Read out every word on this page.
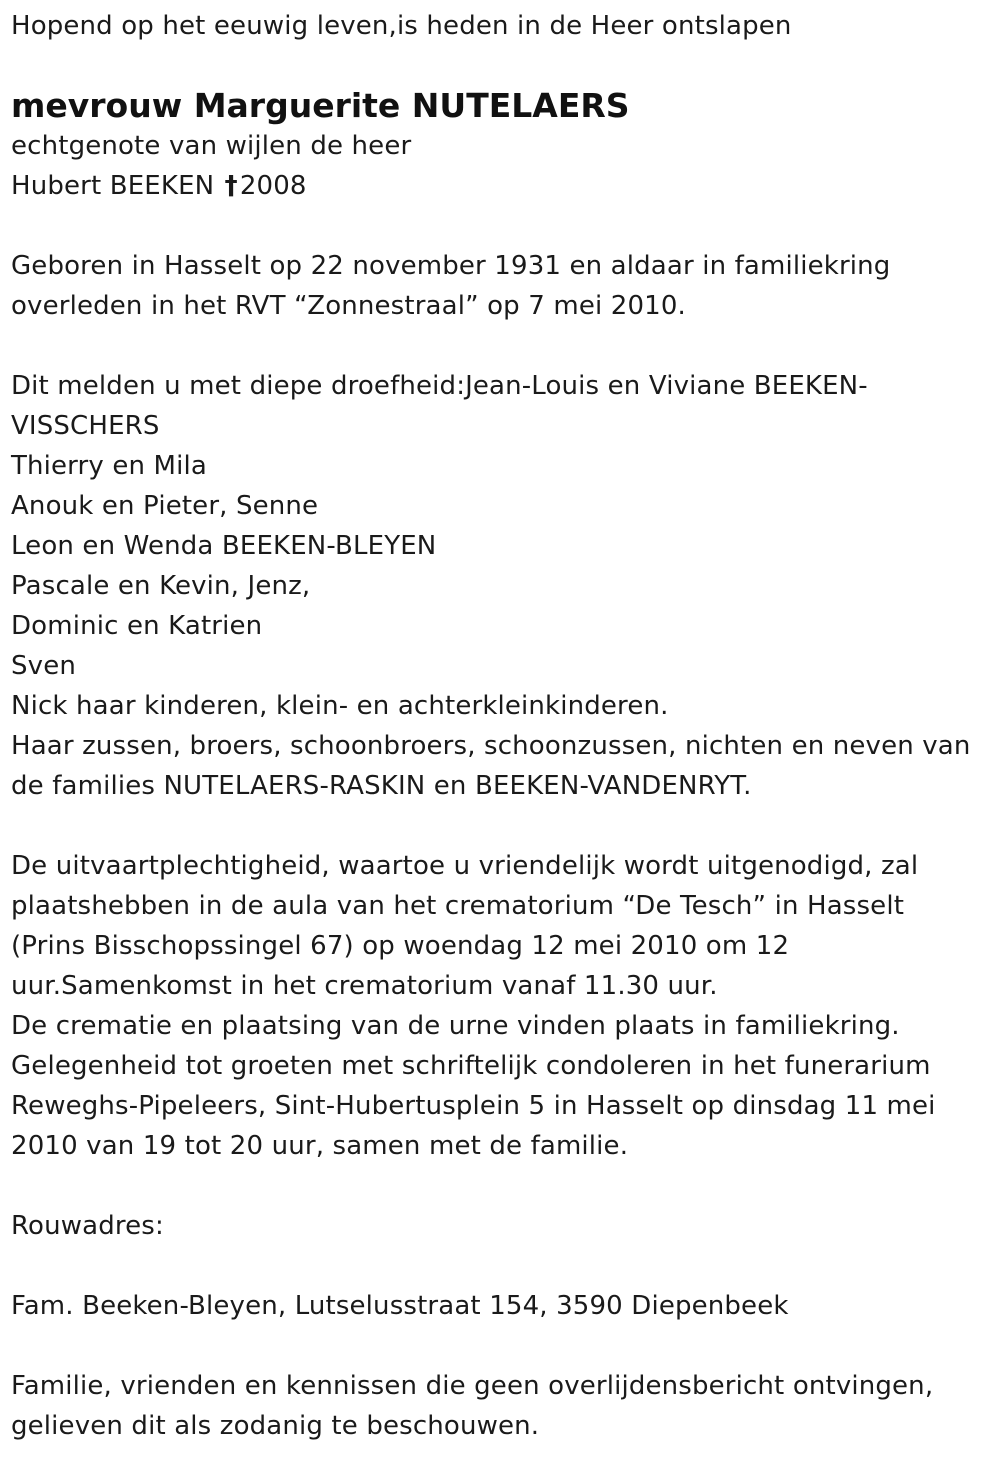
Hopend op het eeuwig leven,is heden in de Heer ontslapen
mevrouw Marguerite NUTELAERS
echtgenote van wijlen de heer
Hubert BEEKEN †2008
Geboren in Hasselt op 22 november 1931 en aldaar in familiekring
overleden in het RVT “Zonnestraal” op 7 mei 2010.
Dit melden u met diepe droefheid:Jean-Louis en Viviane BEEKEN-
VISSCHERS
Thierry en Mila
Anouk en Pieter, Senne
Leon en Wenda BEEKEN-BLEYEN
Pascale en Kevin, Jenz,
Dominic en Katrien
Sven
Nick haar kinderen, klein- en achterkleinkinderen.
Haar zussen, broers, schoonbroers, schoonzussen, nichten en neven van
de families NUTELAERS-RASKIN en BEEKEN-VANDENRYT.
De uitvaartplechtigheid, waartoe u vriendelijk wordt uitgenodigd, zal
plaatshebben in de aula van het crematorium “De Tesch” in Hasselt
(Prins Bisschopssingel 67) op woendag 12 mei 2010 om 12
uur.Samenkomst in het crematorium vanaf 11.30 uur.
De crematie en plaatsing van de urne vinden plaats in familiekring.
Gelegenheid tot groeten met schriftelijk condoleren in het funerarium
Reweghs-Pipeleers, Sint-Hubertusplein 5 in Hasselt op dinsdag 11 mei
2010 van 19 tot 20 uur, samen met de familie.
Rouwadres:
Fam. Beeken-Bleyen, Lutselusstraat 154, 3590 Diepenbeek
Familie, vrienden en kennissen die geen overlijdensbericht ontvingen,
gelieven dit als zodanig te beschouwen.
